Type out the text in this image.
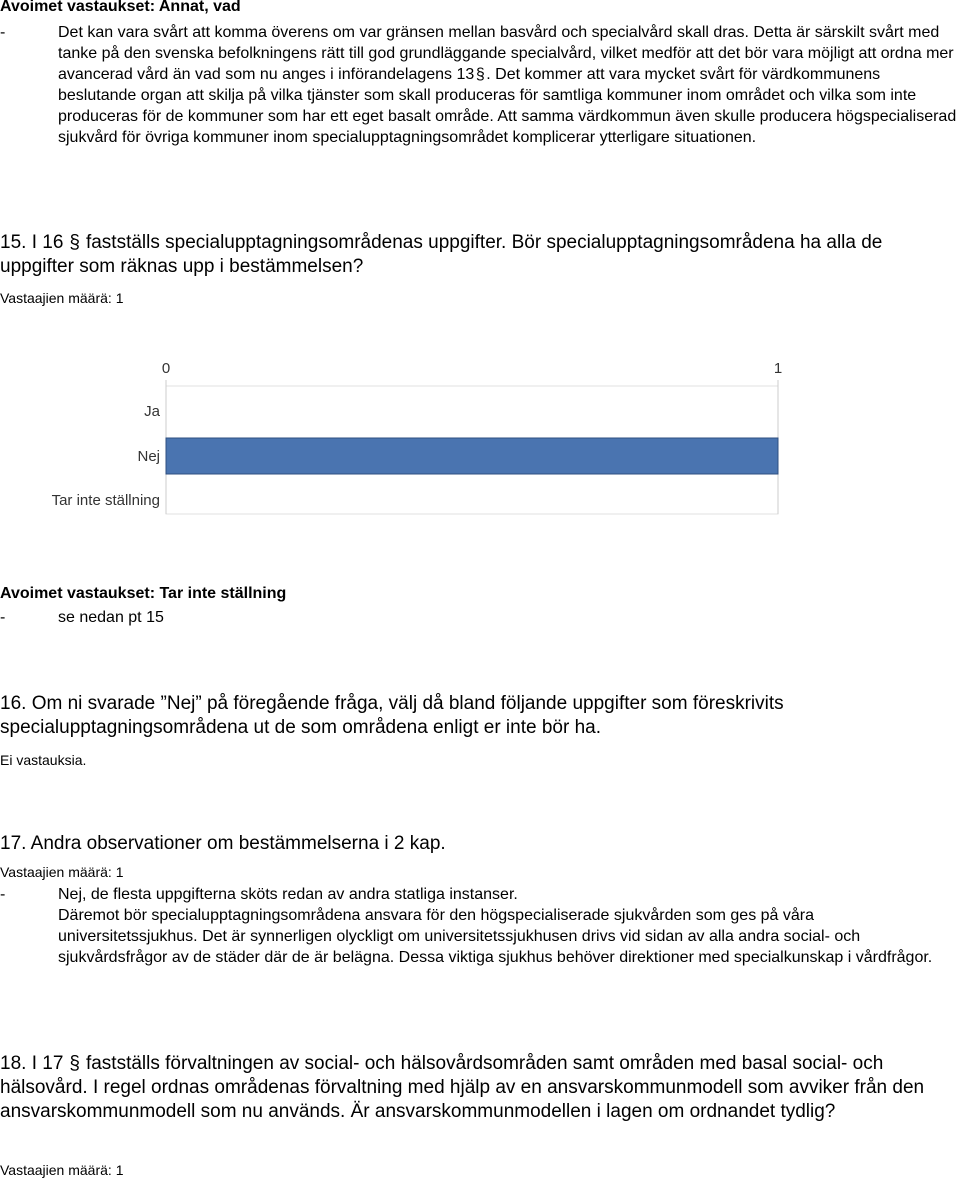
Avoimet vastaukset: Annat, vad
-	Det kan vara svårt att komma överens om var gränsen mellan basvård och specialvård skall dras. Detta är särskilt svårt med tanke på den svenska befolkningens rätt till god grundläggande specialvård, vilket medför att det bör vara möjligt att ordna mer avancerad vård än vad som nu anges i införandelagens 13§. Det kommer att vara mycket svårt för värdkommunens beslutande organ att skilja på vilka tjänster som skall produceras för samtliga kommuner inom området och vilka som inte produceras för de kommuner som har ett eget basalt område. Att samma värdkommun även skulle producera högspecialiserad sjukvård för övriga kommuner inom specialupptagningsområdet komplicerar ytterligare situationen.
15. I 16 § fastställs specialupptagningsområdenas uppgifter. Bör specialupptagningsområdena ha alla de uppgifter som räknas upp i bestämmelsen?
Vastaajien määrä: 1
0	1
Ja
Nej
Tar inte ställning
Avoimet vastaukset: Tar inte ställning
-	se nedan pt 15
16. Om ni svarade ”Nej” på föregående fråga, välj då bland följande uppgifter som föreskrivits specialupptagningsområdena ut de som områdena enligt er inte bör ha.
Ei vastauksia.
17. Andra observationer om bestämmelserna i 2 kap.
Vastaajien määrä: 1
-	Nej, de flesta uppgifterna sköts redan av andra statliga instanser.
Däremot bör specialupptagningsområdena ansvara för den högspecialiserade sjukvården som ges på våra universitetssjukhus. Det är synnerligen olyckligt om universitetssjukhusen drivs vid sidan av alla andra social- och sjukvårdsfrågor av de städer där de är belägna. Dessa viktiga sjukhus behöver direktioner med specialkunskap i vårdfrågor.
18. I 17 § fastställs förvaltningen av social- och hälsovårdsområden samt områden med basal social- och hälsovård. I regel ordnas områdenas förvaltning med hjälp av en ansvarskommunmodell som avviker från den ansvarskommunmodell som nu används. Är ansvarskommunmodellen i lagen om ordnandet tydlig?
Vastaajien määrä: 1
